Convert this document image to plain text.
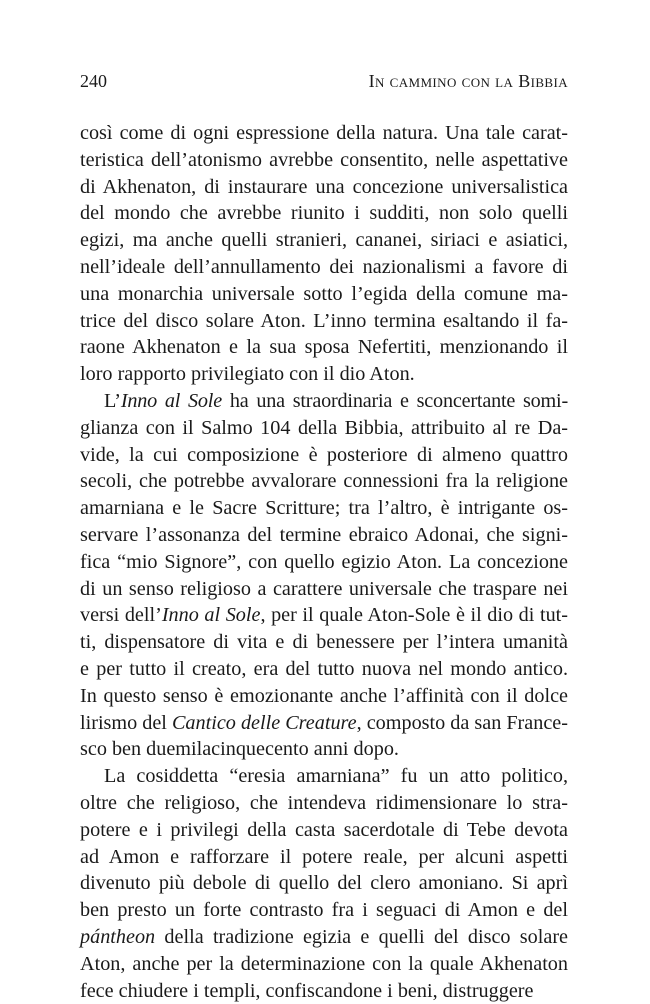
240	In cammino con la Bibbia
così come di ogni espressione della natura. Una tale carat-
teristica dell’atonismo avrebbe consentito, nelle aspettative
di Akhenaton, di instaurare una concezione universalistica
del mondo che avrebbe riunito i sudditi, non solo quelli
egizi, ma anche quelli stranieri, cananei, siriaci e asiatici,
nell’ideale dell’annullamento dei nazionalismi a favore di
una monarchia universale sotto l’egida della comune ma-
trice del disco solare Aton. L’inno termina esaltando il fa-
raone Akhenaton e la sua sposa Nefertiti, menzionando il
loro rapporto privilegiato con il dio Aton.
L’Inno al Sole ha una straordinaria e sconcertante somi-
glianza con il Salmo 104 della Bibbia, attribuito al re Da-
vide, la cui composizione è posteriore di almeno quattro
secoli, che potrebbe avvalorare connessioni fra la religione
amarniana e le Sacre Scritture; tra l’altro, è intrigante os-
servare l’assonanza del termine ebraico Adonai, che signi-
fica “mio Signore”, con quello egizio Aton. La concezione
di un senso religioso a carattere universale che traspare nei
versi dell’Inno al Sole, per il quale Aton-Sole è il dio di tut-
ti, dispensatore di vita e di benessere per l’intera umanità
e per tutto il creato, era del tutto nuova nel mondo antico.
In questo senso è emozionante anche l’affinità con il dolce
lirismo del Cantico delle Creature, composto da san France-
sco ben duemilacinquecento anni dopo.
La cosiddetta “eresia amarniana” fu un atto politico,
oltre che religioso, che intendeva ridimensionare lo stra-
potere e i privilegi della casta sacerdotale di Tebe devota
ad Amon e rafforzare il potere reale, per alcuni aspetti
divenuto più debole di quello del clero amoniano. Si aprì
ben presto un forte contrasto fra i seguaci di Amon e del
pántheon della tradizione egizia e quelli del disco solare
Aton, anche per la determinazione con la quale Akhenaton
fece chiudere i templi, confiscandone i beni, distruggere
